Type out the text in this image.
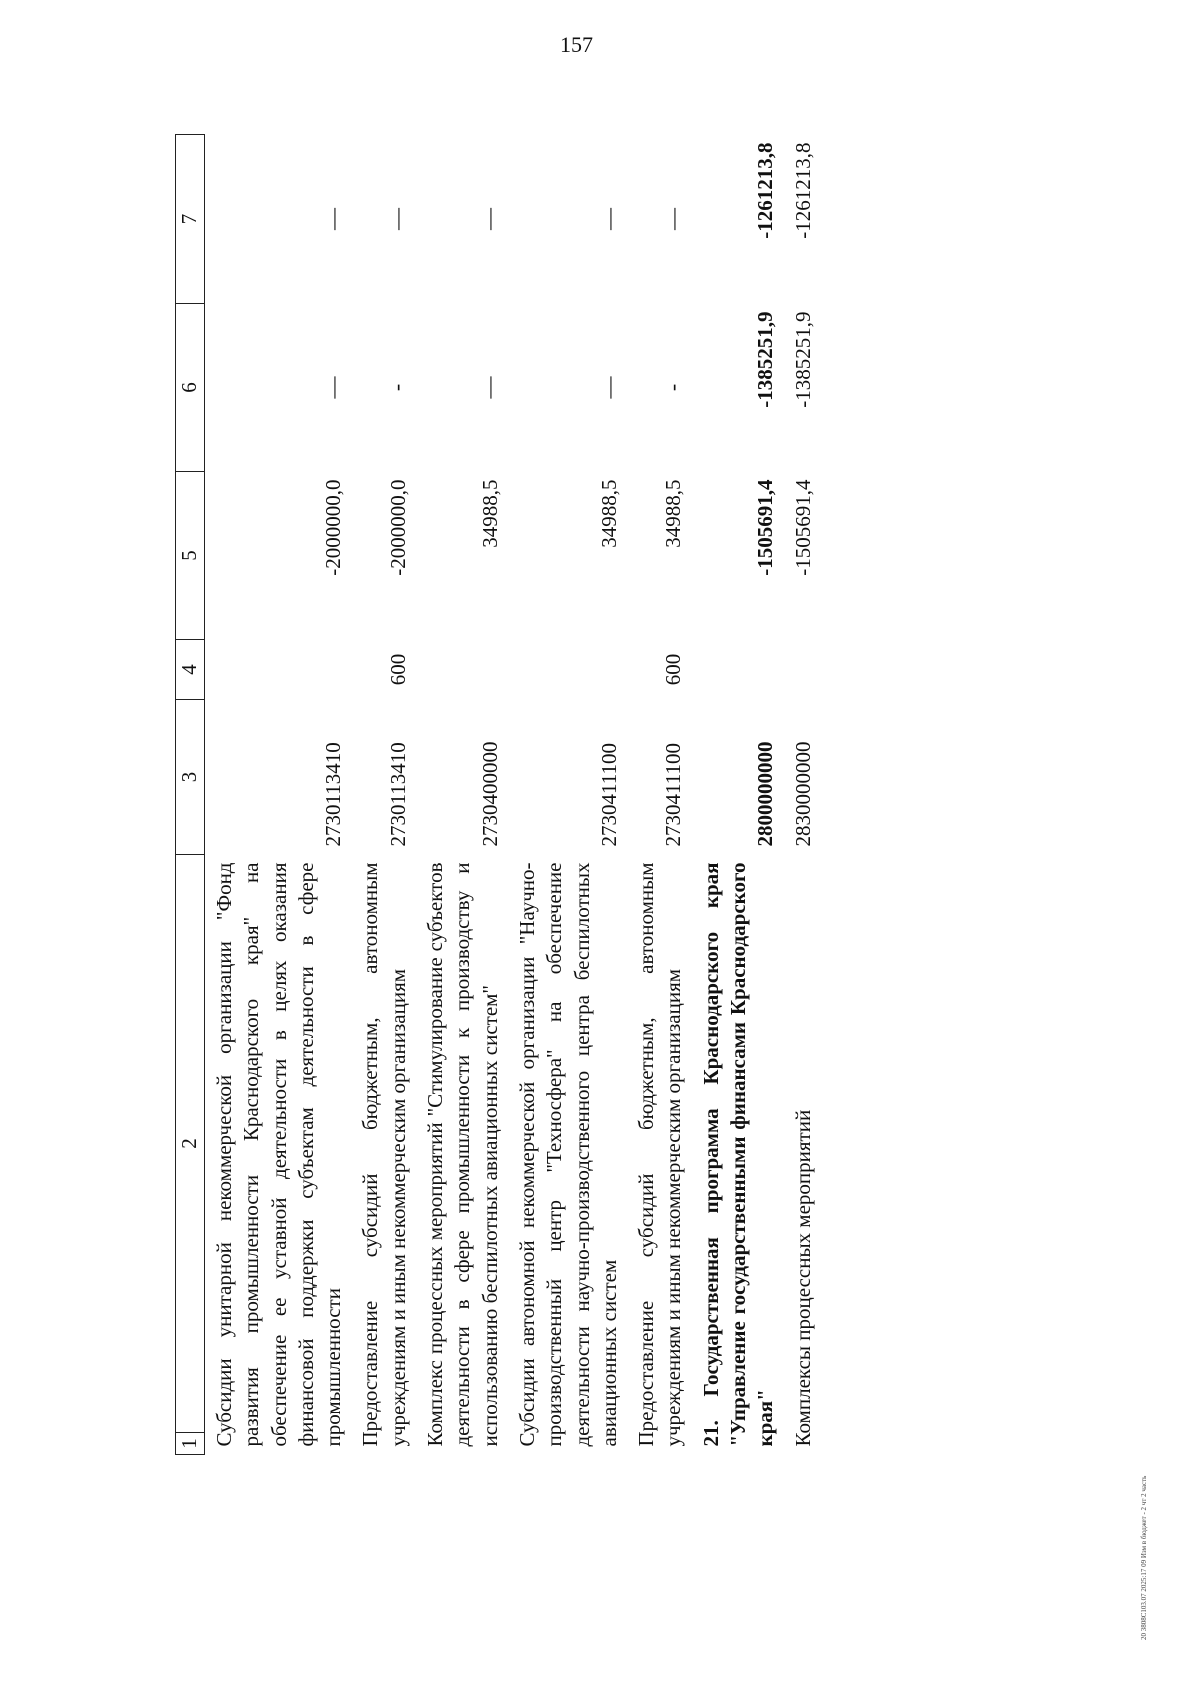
157
1	2	3	4	5	6	7
Субсидии унитарной некоммерческой организации "Фонд развития промышленности Краснодарского края" на обеспечение ее уставной деятельности в целях оказания финансовой поддержки субъектам деятельности в сфере промышленности		2730113410		-2000000,0	—	—
Предоставление субсидий бюджетным, автономным учреждениям и иным некоммерческим организациям		2730113410	600	-2000000,0	-	—
Комплекс процессных мероприятий "Стимулирование субъектов деятельности в сфере промышленности к производству и использованию беспилотных авиационных систем"		2730400000		34988,5	—	—
Субсидии автономной некоммерческой организации "Научно-производственный центр "Техносфера" на обеспечение деятельности научно-производственного центра беспилотных авиационных систем		2730411100		34988,5	—	—
Предоставление субсидий бюджетным, автономным учреждениям и иным некоммерческим организациям		2730411100	600	34988,5	-	—
21. Государственная программа Краснодарского края "Управление государственными финансами Краснодарского края"		2800000000		-1505691,4	-1385251,9	-1261213,8
Комплексы процессных мероприятий		2830000000		-1505691,4	-1385251,9	-1261213,8
20 3808C103.07 2025:17 09 Изм в бюджет - 2 чт 2 часть
